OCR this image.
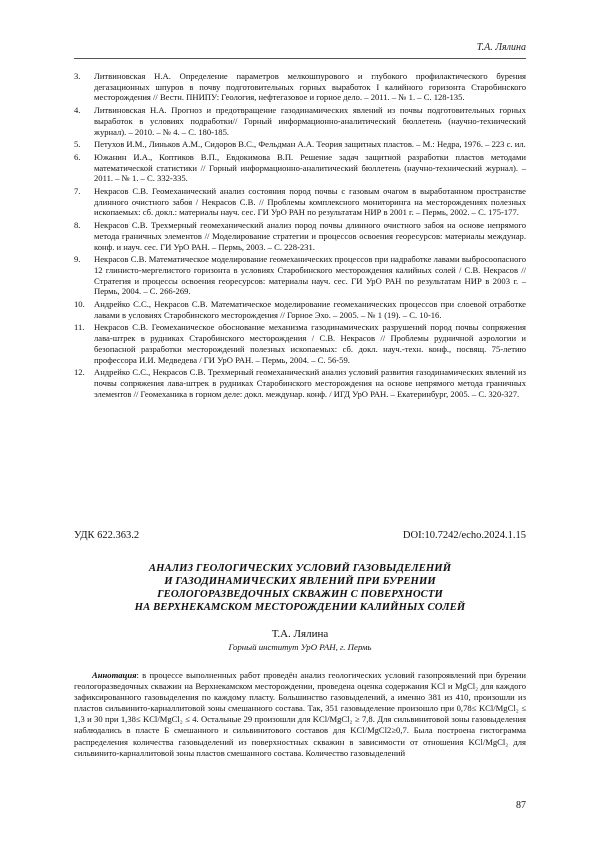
Т.А. Лялина
3. Литвиновская Н.А. Определение параметров мелкошпурового и глубокого профилактического бурения дегазационных шпуров в почву подготовительных горных выработок I калийного горизонта Старобинского месторождения // Вестн. ПНИПУ: Геология, нефтегазовое и горное дело. – 2011. – № 1. – С. 128-135.
4. Литвиновская Н.А. Прогноз и предотвращение газодинамических явлений из почвы подготовительных горных выработок в условиях подработки// Горный информационно-аналитический бюллетень (научно-технический журнал). – 2010. – № 4. – С. 180-185.
5. Петухов И.М., Линьков А.М., Сидоров В.С., Фельдман А.А. Теория защитных пластов. – М.: Недра, 1976. – 223 с. ил.
6. Южанин И.А., Коптиков В.П., Евдокимова В.П. Решение задач защитной разработки пластов методами математической статистики // Горный информационно-аналитический бюллетень (научно-технический журнал). – 2011. – № 1. – С. 332-335.
7. Некрасов С.В. Геомеханический анализ состояния пород почвы с газовым очагом в выработанном пространстве длинного очистного забоя / Некрасов С.В. // Проблемы комплексного мониторинга на месторождениях полезных ископаемых: сб. докл.: материалы науч. сес. ГИ УрО РАН по результатам НИР в 2001 г. – Пермь, 2002. – С. 175-177.
8. Некрасов С.В. Трехмерный геомеханический анализ пород почвы длинного очистного забоя на основе непрямого метода граничных элементов // Моделирование стратегии и процессов освоения георесурсов: материалы междунар. конф. и науч. сес. ГИ УрО РАН. – Пермь, 2003. – С. 228-231.
9. Некрасов С.В. Математическое моделирование геомеханических процессов при надработке лавами выбросоопасного 12 глинисто-мергелистого горизонта в условиях Старобинского месторождения калийных солей / С.В. Некрасов // Стратегия и процессы освоения георесурсов: материалы науч. сес. ГИ УрО РАН по результатам НИР в 2003 г. – Пермь, 2004. – С. 266-269.
10. Андрейко С.С., Некрасов С.В. Математическое моделирование геомеханических процессов при слоевой отработке лавами в условиях Старобинского месторождения // Горное Эхо. – 2005. – № 1 (19). – С. 10-16.
11. Некрасов С.В. Геомеханическое обоснование механизма газодинамических разрушений пород почвы сопряжения лава-штрек в рудниках Старобинского месторождения / С.В. Некрасов // Проблемы рудничной аэрологии и безопасной разработки месторождений полезных ископаемых: сб. докл. науч.-техн. конф., посвящ. 75-летию профессора И.И. Медведева / ГИ УрО РАН. – Пермь, 2004. – С. 56-59.
12. Андрейко С.С., Некрасов С.В. Трехмерный геомеханический анализ условий развития газодинамических явлений из почвы сопряжения лава-штрек в рудниках Старобинского месторождения на основе непрямого метода граничных элементов // Геомеханика в горном деле: докл. междунар. конф. / ИГД УрО РАН. – Екатеринбург, 2005. – С. 320-327.
УДК 622.363.2	DOI:10.7242/echo.2024.1.15
АНАЛИЗ ГЕОЛОГИЧЕСКИХ УСЛОВИЙ ГАЗОВЫДЕЛЕНИЙ
И ГАЗОДИНАМИЧЕСКИХ ЯВЛЕНИЙ ПРИ БУРЕНИИ
ГЕОЛОГОРАЗВЕДОЧНЫХ СКВАЖИН С ПОВЕРХНОСТИ
НА ВЕРХНЕКАМСКОМ МЕСТОРОЖДЕНИИ КАЛИЙНЫХ СОЛЕЙ
Т.А. Лялина
Горный институт УрО РАН, г. Пермь

Аннотация: в процессе выполненных работ проведён анализ геологических условий газопроявлений при бурении геологоразведочных скважин на Верхнекамском месторождении, проведена оценка содержания KCl и MgCl₂ для каждого зафиксированного газовыделения по каждому пласту. Большинство газовыделений, а именно 381 из 410, произошли из пластов сильвинито-карналлитовой зоны смешанного состава. Так, 351 газовыделение произошло при 0,78≤ KCl/MgCl₂ ≤ 1,3 и 30 при 1,38≤ KCl/MgCl₂ ≤ 4. Остальные 29 произошли для KCl/MgCl₂ ≥ 7,8. Для сильвинитовой зоны газовыделения наблюдались в пласте Б смешанного и сильвинитового составов для KCl/MgCl2≥0,7. Была построена гистограмма распределения количества газовыделений из поверхностных скважин в зависимости от отношения KCl/MgCl₂ для сильвинито-карналлитовой зоны пластов смешанного состава. Количество газовыделений

87
